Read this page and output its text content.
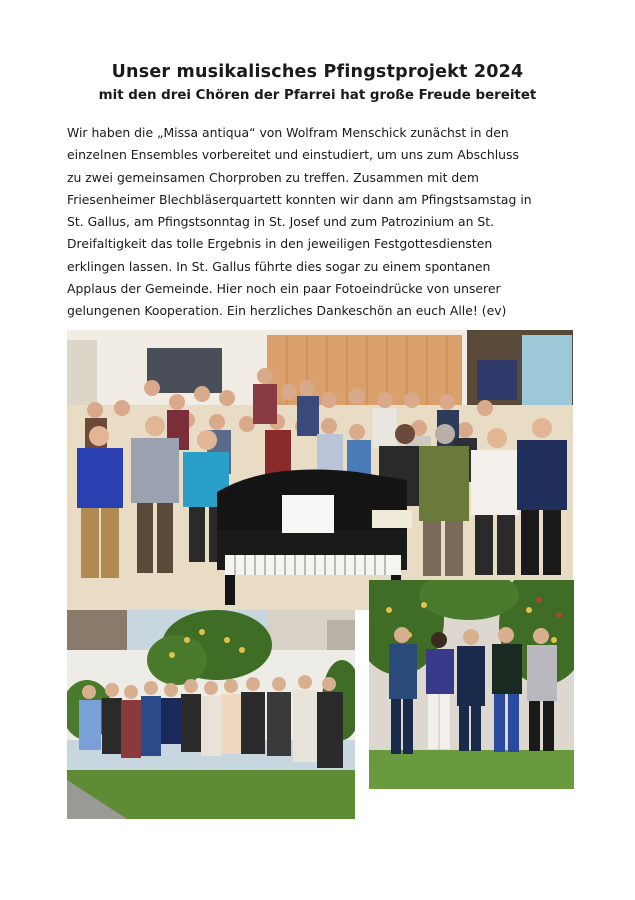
Unser musikalisches Pfingstprojekt 2024
mit den drei Chören der Pfarrei hat große Freude bereitet
Wir haben die „Missa antiqua“ von Wolfram Menschick zunächst in den
einzelnen Ensembles vorbereitet und einstudiert, um uns zum Abschluss
zu zwei gemeinsamen Chorproben zu treffen. Zusammen mit dem
Friesenheimer Blechbläserquartett konnten wir dann am Pfingstsamstag in
St. Gallus, am Pfingstsonntag in St. Josef und zum Patrozinium an St.
Dreifaltigkeit das tolle Ergebnis in den jeweiligen Festgottesdiensten
erklingen lassen. In St. Gallus führte dies sogar zu einem spontanen
Applaus der Gemeinde. Hier noch ein paar Fotoeindrücke von unserer
gelungenen Kooperation. Ein herzliches Dankeschön an euch Alle! (ev)
